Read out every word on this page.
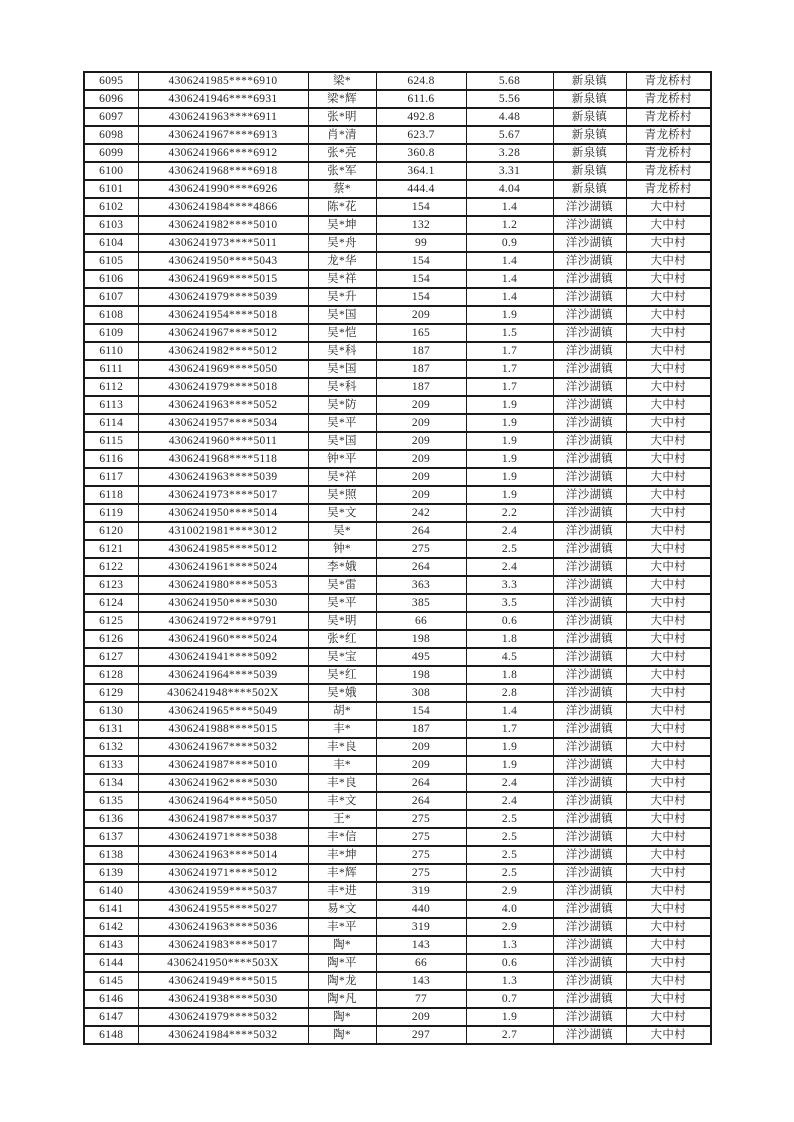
6095	4306241985****6910	梁*	624.8	5.68	新泉镇	青龙桥村
6096	4306241946****6931	梁*辉	611.6	5.56	新泉镇	青龙桥村
6097	4306241963****6911	张*明	492.8	4.48	新泉镇	青龙桥村
6098	4306241967****6913	肖*清	623.7	5.67	新泉镇	青龙桥村
6099	4306241966****6912	张*亮	360.8	3.28	新泉镇	青龙桥村
6100	4306241968****6918	张*军	364.1	3.31	新泉镇	青龙桥村
6101	4306241990****6926	蔡*	444.4	4.04	新泉镇	青龙桥村
6102	4306241984****4866	陈*花	154	1.4	洋沙湖镇	大中村
6103	4306241982****5010	吴*坤	132	1.2	洋沙湖镇	大中村
6104	4306241973****5011	吴*舟	99	0.9	洋沙湖镇	大中村
6105	4306241950****5043	龙*华	154	1.4	洋沙湖镇	大中村
6106	4306241969****5015	吴*祥	154	1.4	洋沙湖镇	大中村
6107	4306241979****5039	吴*升	154	1.4	洋沙湖镇	大中村
6108	4306241954****5018	吴*国	209	1.9	洋沙湖镇	大中村
6109	4306241967****5012	吴*恺	165	1.5	洋沙湖镇	大中村
6110	4306241982****5012	吴*科	187	1.7	洋沙湖镇	大中村
6111	4306241969****5050	吴*国	187	1.7	洋沙湖镇	大中村
6112	4306241979****5018	吴*科	187	1.7	洋沙湖镇	大中村
6113	4306241963****5052	吴*防	209	1.9	洋沙湖镇	大中村
6114	4306241957****5034	吴*平	209	1.9	洋沙湖镇	大中村
6115	4306241960****5011	吴*国	209	1.9	洋沙湖镇	大中村
6116	4306241968****5118	钟*平	209	1.9	洋沙湖镇	大中村
6117	4306241963****5039	吴*祥	209	1.9	洋沙湖镇	大中村
6118	4306241973****5017	吴*照	209	1.9	洋沙湖镇	大中村
6119	4306241950****5014	吴*文	242	2.2	洋沙湖镇	大中村
6120	4310021981****3012	吴*	264	2.4	洋沙湖镇	大中村
6121	4306241985****5012	钟*	275	2.5	洋沙湖镇	大中村
6122	4306241961****5024	李*娥	264	2.4	洋沙湖镇	大中村
6123	4306241980****5053	吴*雷	363	3.3	洋沙湖镇	大中村
6124	4306241950****5030	吴*平	385	3.5	洋沙湖镇	大中村
6125	4306241972****9791	吴*明	66	0.6	洋沙湖镇	大中村
6126	4306241960****5024	张*红	198	1.8	洋沙湖镇	大中村
6127	4306241941****5092	吴*宝	495	4.5	洋沙湖镇	大中村
6128	4306241964****5039	吴*红	198	1.8	洋沙湖镇	大中村
6129	4306241948****502X	吴*娥	308	2.8	洋沙湖镇	大中村
6130	4306241965****5049	胡*	154	1.4	洋沙湖镇	大中村
6131	4306241988****5015	丰*	187	1.7	洋沙湖镇	大中村
6132	4306241967****5032	丰*良	209	1.9	洋沙湖镇	大中村
6133	4306241987****5010	丰*	209	1.9	洋沙湖镇	大中村
6134	4306241962****5030	丰*良	264	2.4	洋沙湖镇	大中村
6135	4306241964****5050	丰*文	264	2.4	洋沙湖镇	大中村
6136	4306241987****5037	王*	275	2.5	洋沙湖镇	大中村
6137	4306241971****5038	丰*信	275	2.5	洋沙湖镇	大中村
6138	4306241963****5014	丰*坤	275	2.5	洋沙湖镇	大中村
6139	4306241971****5012	丰*辉	275	2.5	洋沙湖镇	大中村
6140	4306241959****5037	丰*进	319	2.9	洋沙湖镇	大中村
6141	4306241955****5027	易*文	440	4.0	洋沙湖镇	大中村
6142	4306241963****5036	丰*平	319	2.9	洋沙湖镇	大中村
6143	4306241983****5017	陶*	143	1.3	洋沙湖镇	大中村
6144	4306241950****503X	陶*平	66	0.6	洋沙湖镇	大中村
6145	4306241949****5015	陶*龙	143	1.3	洋沙湖镇	大中村
6146	4306241938****5030	陶*凡	77	0.7	洋沙湖镇	大中村
6147	4306241979****5032	陶*	209	1.9	洋沙湖镇	大中村
6148	4306241984****5032	陶*	297	2.7	洋沙湖镇	大中村
